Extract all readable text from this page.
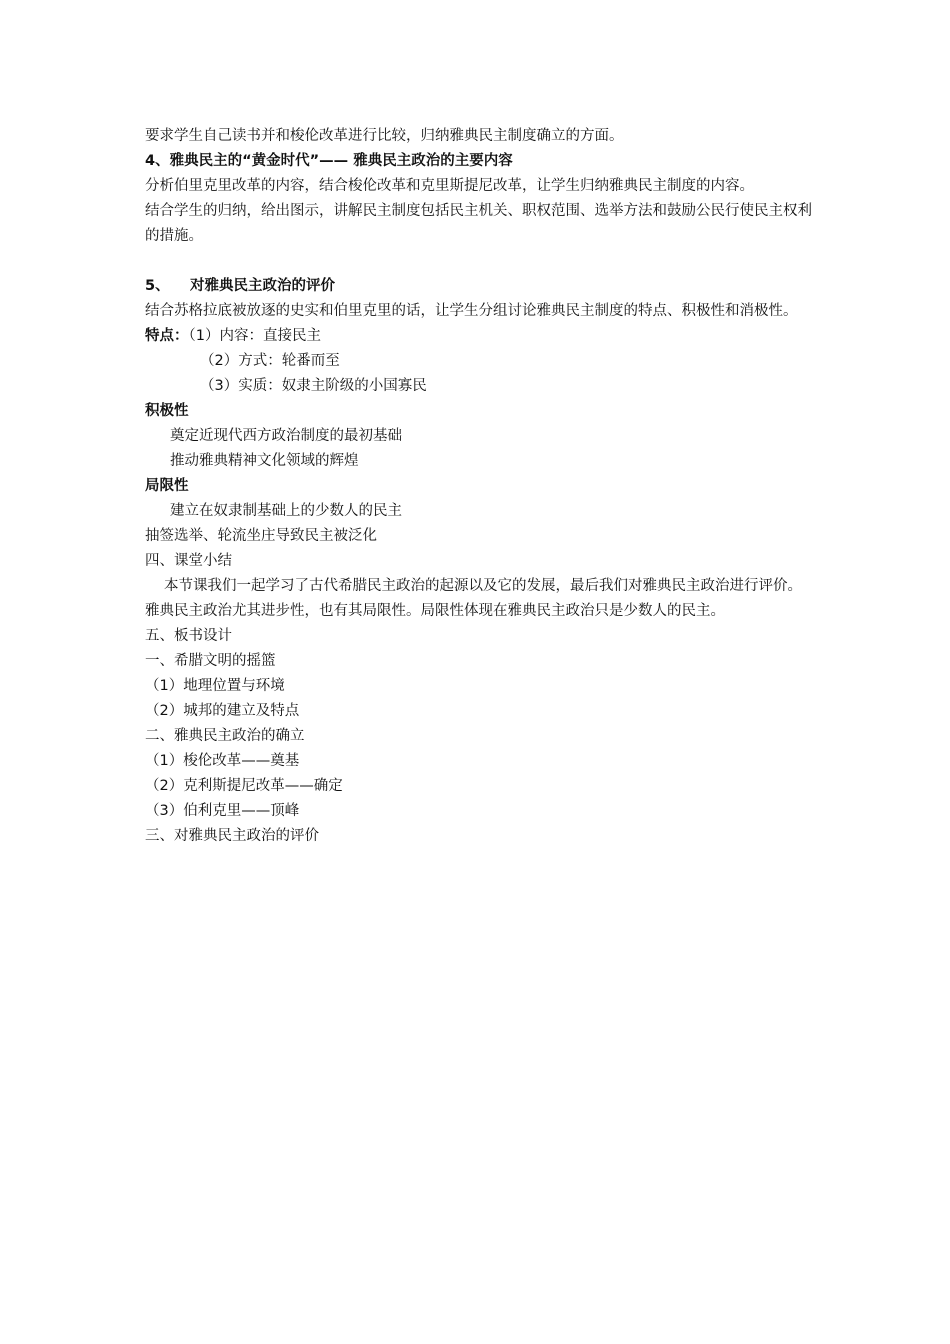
要求学生自己读书并和梭伦改革进行比较，归纳雅典民主制度确立的方面。
4、雅典民主的“黄金时代”—— 雅典民主政治的主要内容
分析伯里克里改革的内容，结合梭伦改革和克里斯提尼改革，让学生归纳雅典民主制度的内容。
结合学生的归纳，给出图示，讲解民主制度包括民主机关、职权范围、选举方法和鼓励公民行使民主权利的措施。
5、 对雅典民主政治的评价
结合苏格拉底被放逐的史实和伯里克里的话，让学生分组讨论雅典民主制度的特点、积极性和消极性。
特点：（1）内容：直接民主
（2）方式：轮番而至
（3）实质：奴隶主阶级的小国寡民
积极性
奠定近现代西方政治制度的最初基础
推动雅典精神文化领域的辉煌
局限性
建立在奴隶制基础上的少数人的民主
抽签选举、轮流坐庄导致民主被泛化
四、课堂小结
本节课我们一起学习了古代希腊民主政治的起源以及它的发展，最后我们对雅典民主政治进行评价。雅典民主政治尤其进步性，也有其局限性。局限性体现在雅典民主政治只是少数人的民主。
五、板书设计
一、希腊文明的摇篮
（1）地理位置与环境
（2）城邦的建立及特点
二、雅典民主政治的确立
（1）梭伦改革——奠基
（2）克利斯提尼改革——确定
（3）伯利克里——顶峰
三、对雅典民主政治的评价
